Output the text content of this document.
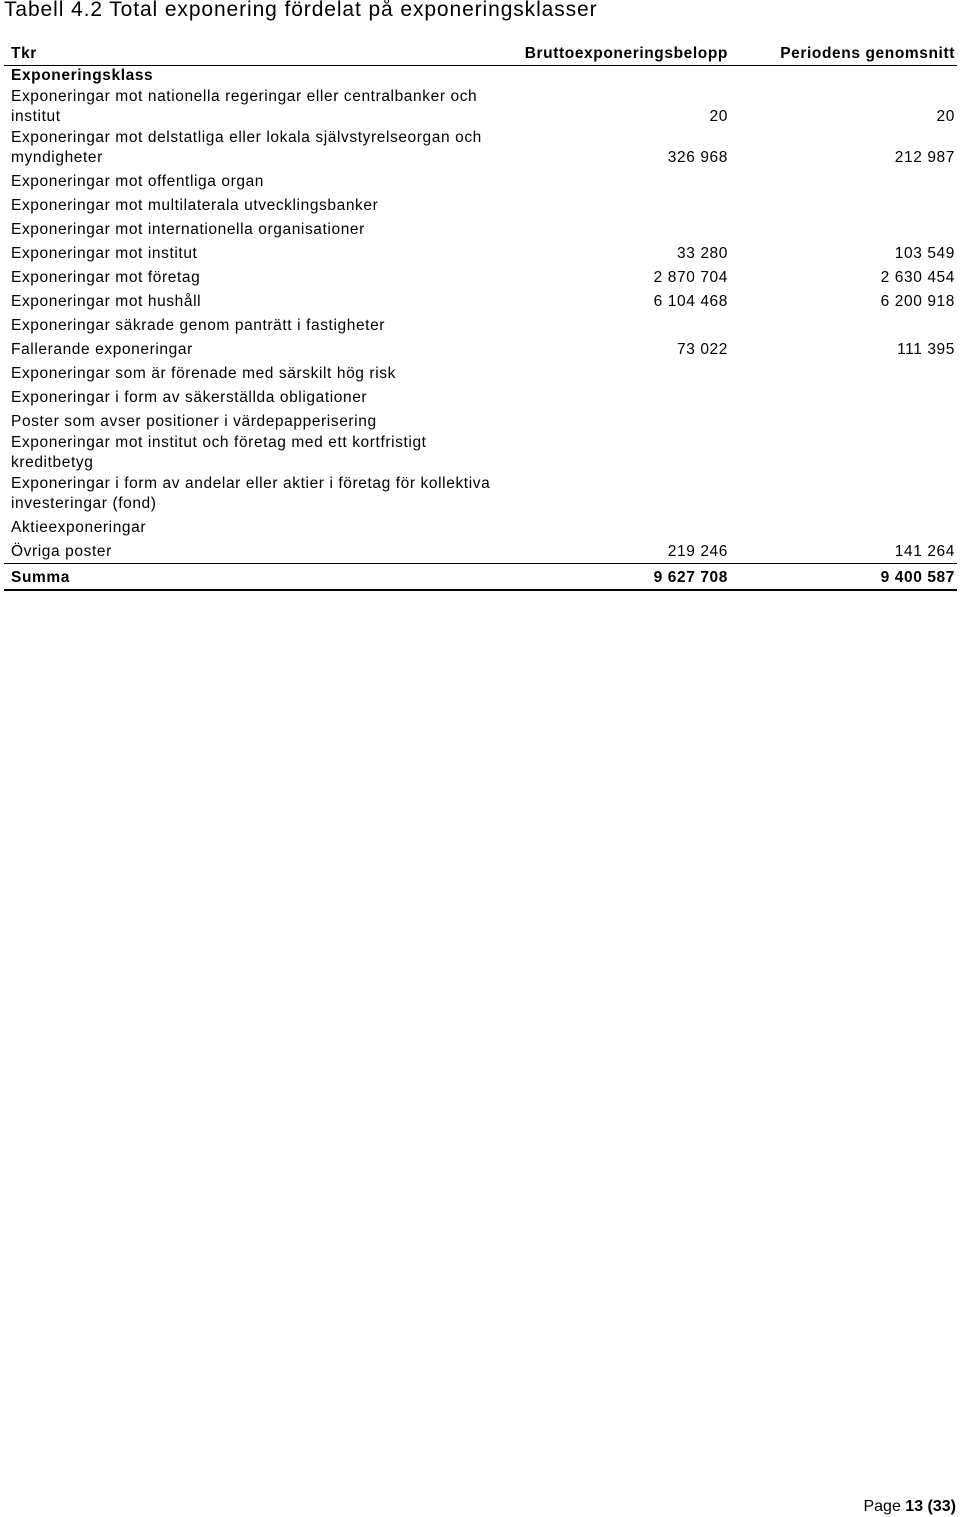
Tabell 4.2 Total exponering fördelat på exponeringsklasser
Tkr	Bruttoexponeringsbelopp	Periodens genomsnitt
Exponeringsklass		
Exponeringar mot nationella regeringar eller centralbanker och institut	20	20
Exponeringar mot delstatliga eller lokala självstyrelseorgan och myndigheter	326 968	212 987
Exponeringar mot offentliga organ		
Exponeringar mot multilaterala utvecklingsbanker		
Exponeringar mot internationella organisationer		
Exponeringar mot institut	33 280	103 549
Exponeringar mot företag	2 870 704	2 630 454
Exponeringar mot hushåll	6 104 468	6 200 918
Exponeringar säkrade genom panträtt i fastigheter		
Fallerande exponeringar	73 022	111 395
Exponeringar som är förenade med särskilt hög risk		
Exponeringar i form av säkerställda obligationer		
Poster som avser positioner i värdepapperisering		
Exponeringar mot institut och företag med ett kortfristigt kreditbetyg		
Exponeringar i form av andelar eller aktier i företag för kollektiva investeringar (fond)		
Aktieexponeringar		
Övriga poster	219 246	141 264
Summa	9 627 708	9 400 587
Page 13 (33)
